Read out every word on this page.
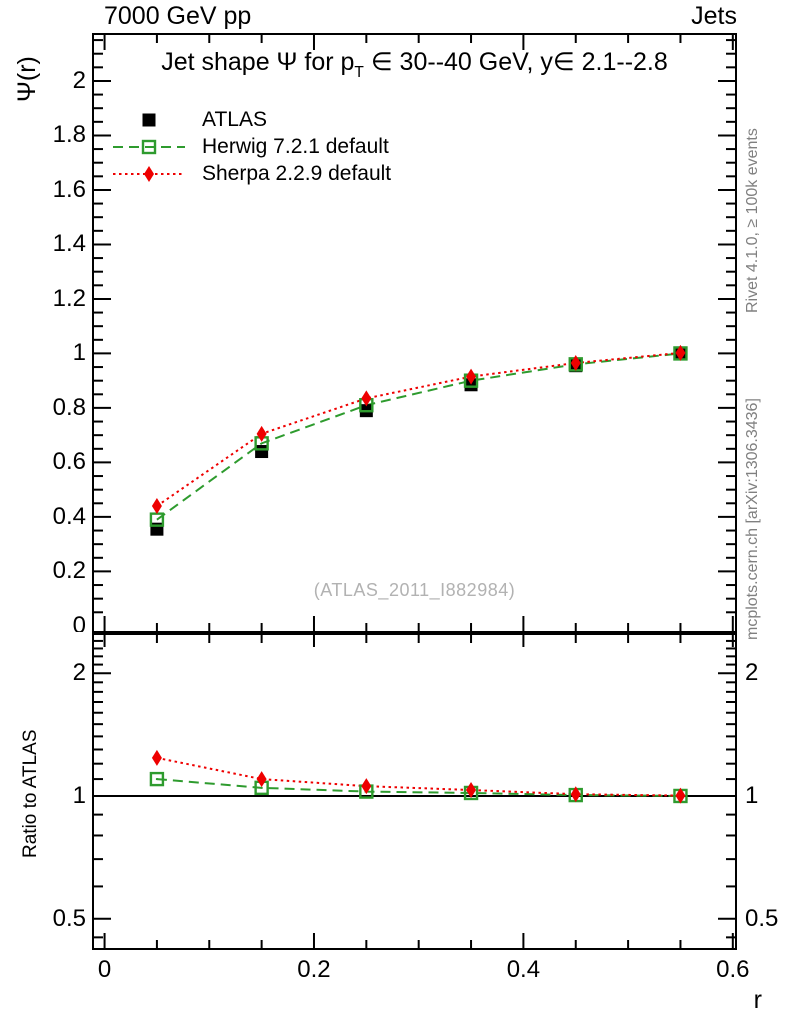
7000 GeV pp	Jets
Jet shape Ψ for $p_T$ ∈ 30--40 GeV, y∈ 2.1--2.8
ATLAS
Herwig 7.2.1 default
Sherpa 2.2.9 default
(ATLAS_2011_I882984)
Ψ(r)
Ratio to ATLAS
Rivet 4.1.0, ≥ 100k events
mcplots.cern.ch [arXiv:1306.3436]
r
0
0.2
0.4
0.6
0.8
1
1.2
1.4
1.6
1.8
2
2
1
0.5
2
1
0.5
0	0.2	0.4	0.6
